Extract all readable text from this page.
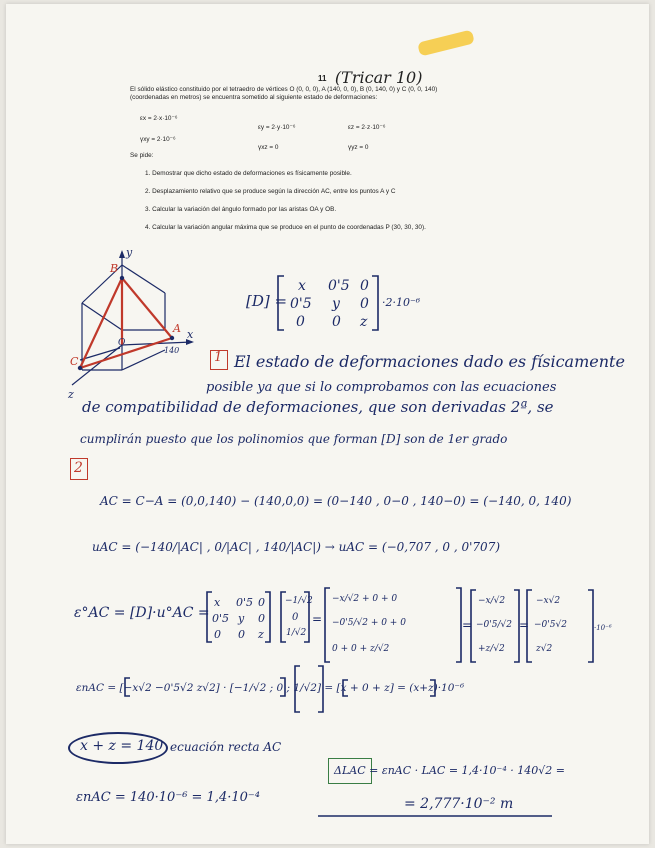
11 (Tricar 10)
El sólido elástico constituido por el tetraedro de vértices O (0, 0, 0), A (140, 0, 0), B (0, 140, 0) y C (0, 0, 140)
(coordenadas en metros) se encuentra sometido al siguiente estado de deformaciones:
εx = 2·x·10⁻⁶
εy = 2·y·10⁻⁶	εz = 2·z·10⁻⁶
γxy = 2·10⁻⁶
γxz = 0	γyz = 0
Se pide:
1. Demostrar que dicho estado de deformaciones es físicamente posible.
2. Desplazamiento relativo que se produce según la dirección AC, entre los puntos A y C
3. Calcular la variación del ángulo formado por las aristas OA y OB.
4. Calcular la variación angular máxima que se produce en el punto de coordenadas P (30, 30, 30).
B
y
A x
140
C
z
O
[D] =
x 0'5 0
0'5 y 0
0 0 z
·2·10⁻⁶
1 El estado de deformaciones dado es físicamente
posible ya que si lo comprobamos con las ecuaciones
de compatibilidad de deformaciones, que son derivadas 2ª, se
cumplirán puesto que los polinomios que forman [D] son de 1er grado
2
AC = C−A = (0,0,140) − (140,0,0) = (0−140 , 0−0 , 140−0) = (−140, 0, 140)
uAC = (−140/|AC| , 0/|AC| , 140/|AC|) → uAC = (−0,707 , 0 , 0'707)
ε°AC = [D]·u°AC =
x 0'5 0
0'5 y 0
0 0 z
−1/√2
0
1/√2
=
−x/√2 + 0 + 0
−0'5/√2 + 0 + 0
0 + 0 + z/√2
=
−x/√2
−0'5/√2
+z/√2
=
−x√2
−0'5√2
z√2
·10⁻⁶
εnAC = [−x√2 −0'5√2 z√2] · [−1/√2 ; 0 ; 1/√2] = [x + 0 + z] = (x+z)·10⁻⁶
x + z = 140 ecuación recta AC
εnAC = 140·10⁻⁶ = 1,4·10⁻⁴
ΔLAC = εnAC · LAC = 1,4·10⁻⁴ · 140√2 =
= 2,777·10⁻² m
